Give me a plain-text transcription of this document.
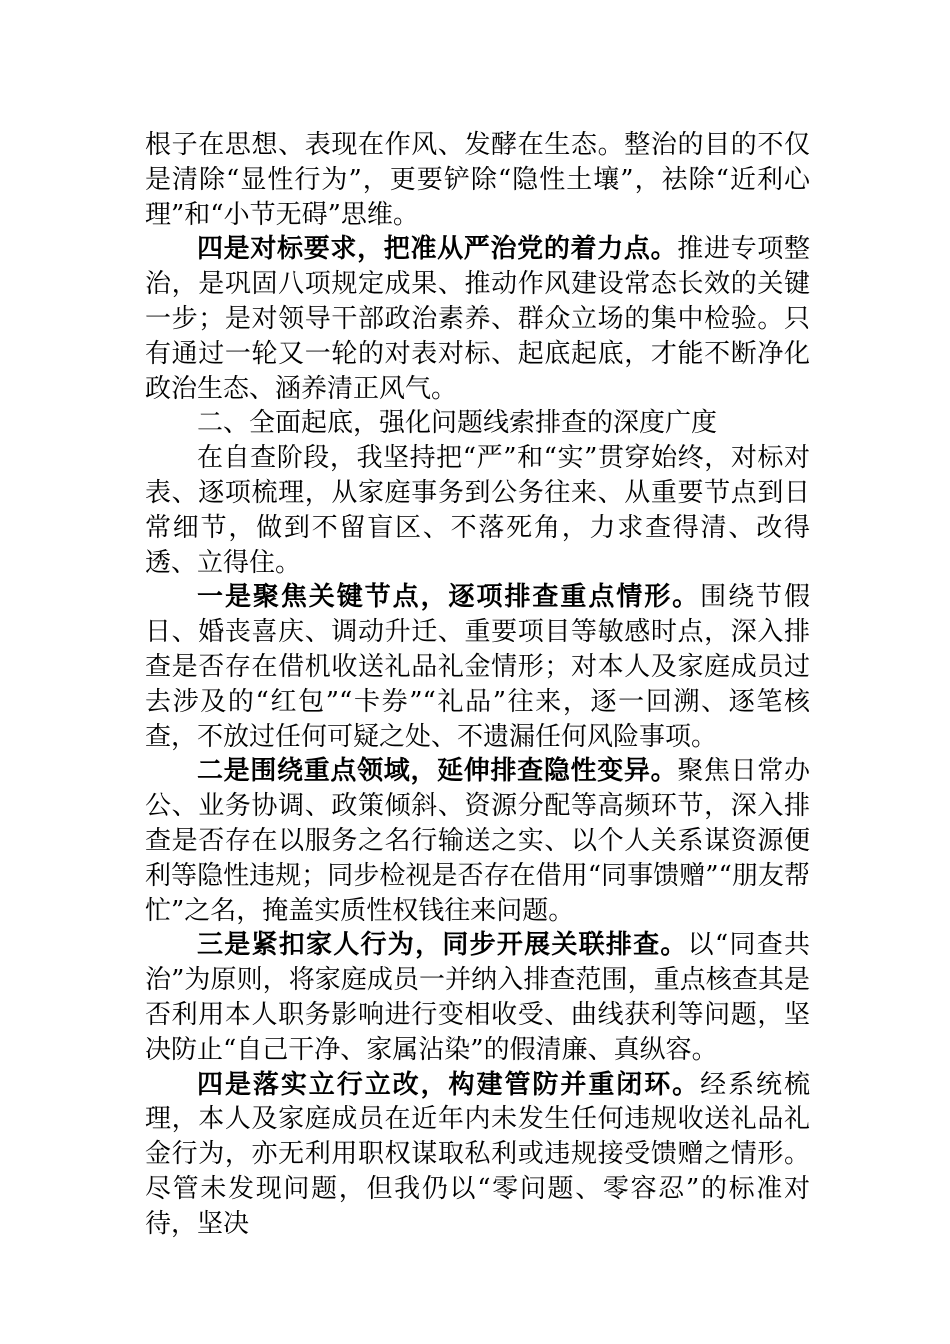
根子在思想、表现在作风、发酵在生态。整治的目的不仅是清除“显性行为”，更要铲除“隐性土壤”，祛除“近利心理”和“小节无碍”思维。

四是对标要求，把准从严治党的着力点。推进专项整治，是巩固八项规定成果、推动作风建设常态长效的关键一步；是对领导干部政治素养、群众立场的集中检验。只有通过一轮又一轮的对表对标、起底起底，才能不断净化政治生态、涵养清正风气。

二、全面起底，强化问题线索排查的深度广度

在自查阶段，我坚持把“严”和“实”贯穿始终，对标对表、逐项梳理，从家庭事务到公务往来、从重要节点到日常细节，做到不留盲区、不落死角，力求查得清、改得透、立得住。

一是聚焦关键节点，逐项排查重点情形。围绕节假日、婚丧喜庆、调动升迁、重要项目等敏感时点，深入排查是否存在借机收送礼品礼金情形；对本人及家庭成员过去涉及的“红包”“卡券”“礼品”往来，逐一回溯、逐笔核查，不放过任何可疑之处、不遗漏任何风险事项。

二是围绕重点领域，延伸排查隐性变异。聚焦日常办公、业务协调、政策倾斜、资源分配等高频环节，深入排查是否存在以服务之名行输送之实、以个人关系谋资源便利等隐性违规；同步检视是否存在借用“同事馈赠”“朋友帮忙”之名，掩盖实质性权钱往来问题。

三是紧扣家人行为，同步开展关联排查。以“同查共治”为原则，将家庭成员一并纳入排查范围，重点核查其是否利用本人职务影响进行变相收受、曲线获利等问题，坚决防止“自己干净、家属沾染”的假清廉、真纵容。

四是落实立行立改，构建管防并重闭环。经系统梳理，本人及家庭成员在近年内未发生任何违规收送礼品礼金行为，亦无利用职权谋取私利或违规接受馈赠之情形。尽管未发现问题，但我仍以“零问题、零容忍”的标准对待，坚决
